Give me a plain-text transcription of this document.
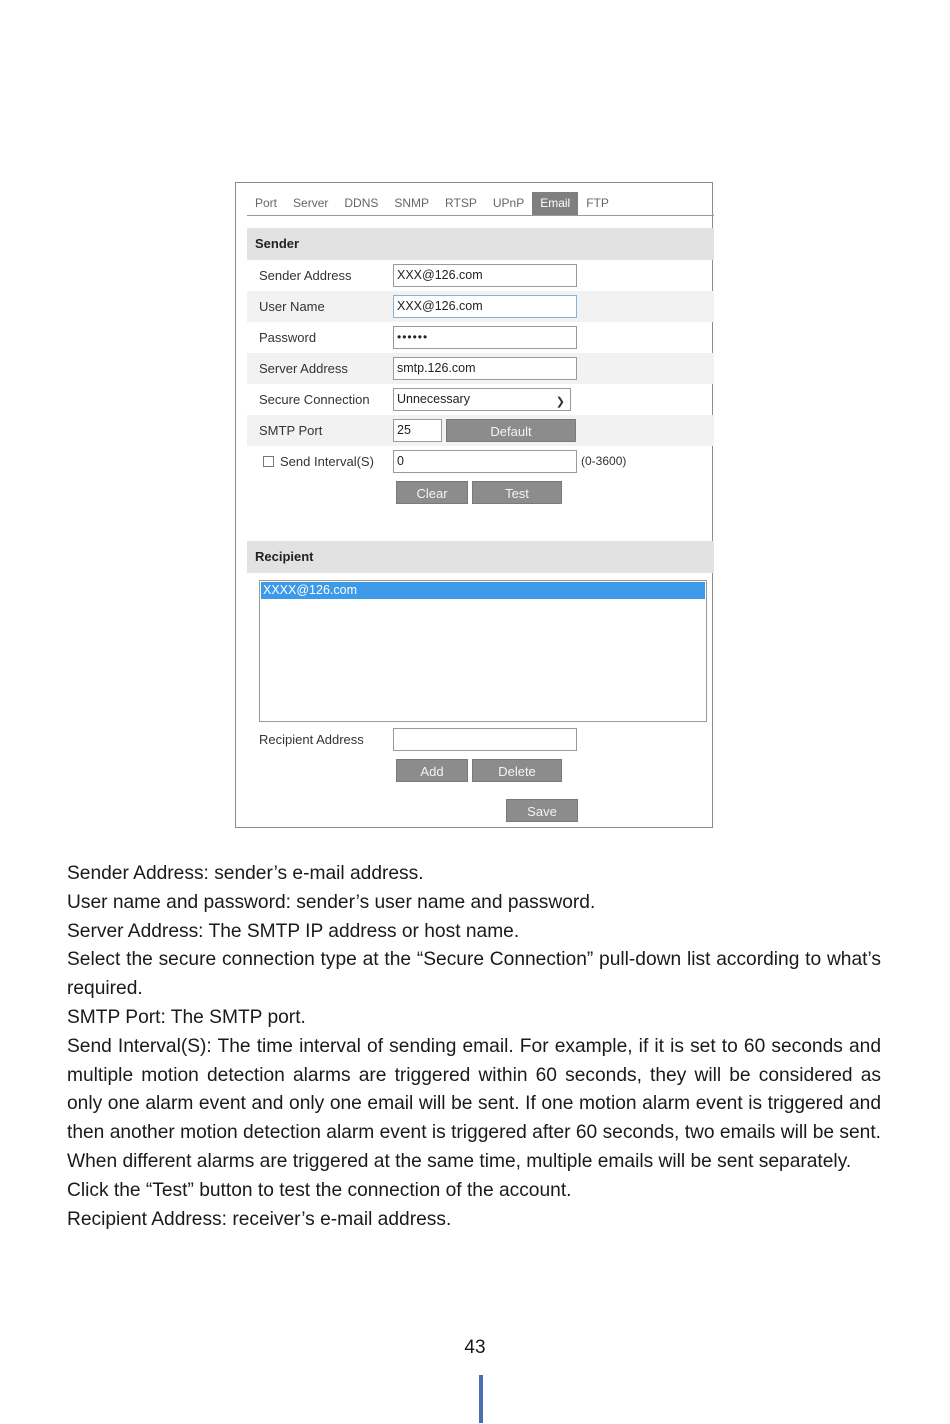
Port	Server	DDNS	SNMP	RTSP	UPnP	Email	FTP
Sender
Sender Address	XXX@126.com
User Name	XXX@126.com
Password	••••••
Server Address	smtp.126.com
Secure Connection	Unnecessary	❯
SMTP Port	25	Default
Send Interval(S)	0	(0-3600)
Clear	Test
Recipient
XXXX@126.com
Recipient Address
Add	Delete
Save

Sender Address: sender’s e-mail address.

User name and password: sender’s user name and password.

Server Address: The SMTP IP address or host name.

Select the secure connection type at the “Secure Connection” pull-down list according to what’s required.

SMTP Port: The SMTP port.

Send Interval(S): The time interval of sending email. For example, if it is set to 60 seconds and multiple motion detection alarms are triggered within 60 seconds, they will be considered as only one alarm event and only one email will be sent. If one motion alarm event is triggered and then another motion detection alarm event is triggered after 60 seconds, two emails will be sent. When different alarms are triggered at the same time, multiple emails will be sent separately.

Click the “Test” button to test the connection of the account.

Recipient Address: receiver’s e-mail address.

43
